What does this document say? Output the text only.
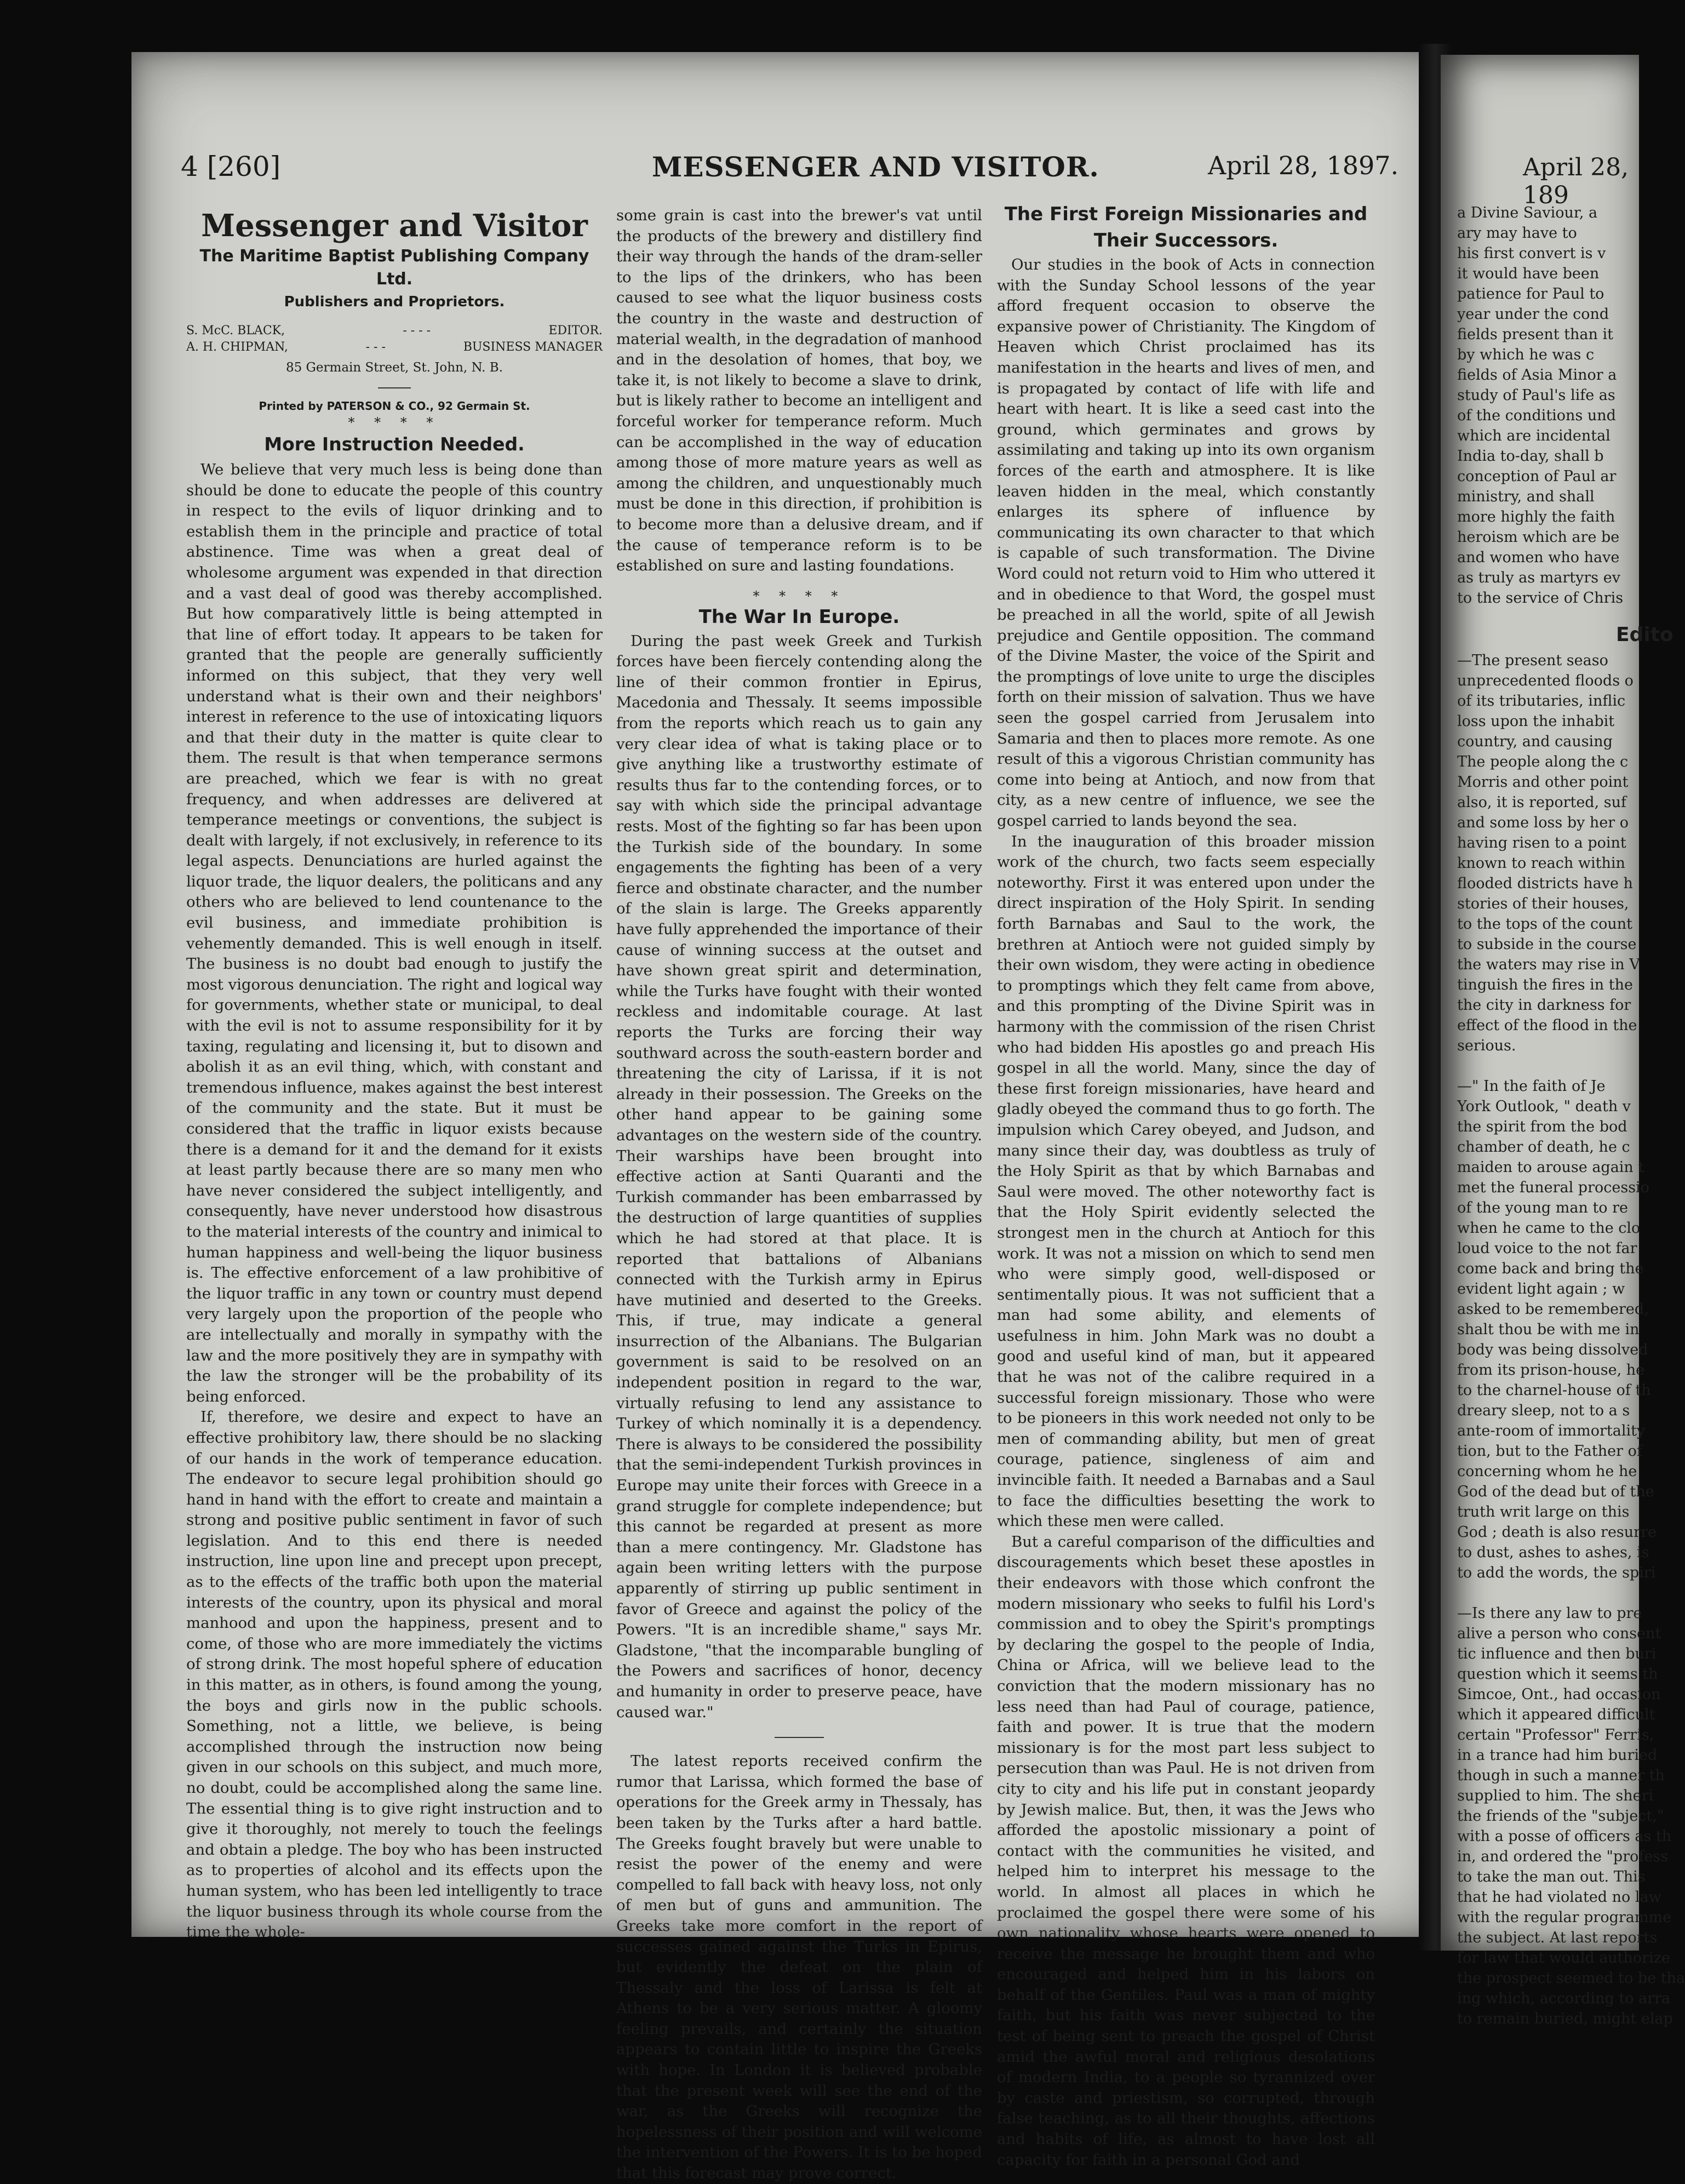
4 [260]	MESSENGER AND VISITOR.	April 28, 1897.
Messenger and Visitor
The Maritime Baptist Publishing Company Ltd.
Publishers and Proprietors.
S. McC. BLACK,	- - - -	EDITOR.
A. H. CHIPMAN,	- - -	BUSINESS MANAGER
85 Germain Street, St. John, N. B.
Printed by PATERSON & CO., 92 Germain St.
* * * *
More Instruction Needed.

We believe that very much less is being done than should be done to educate the people of this country in respect to the evils of liquor drinking and to establish them in the principle and practice of total abstinence. Time was when a great deal of wholesome argument was expended in that direction and a vast deal of good was thereby accomplished. But how comparatively little is being attempted in that line of effort today. It appears to be taken for granted that the people are generally sufficiently informed on this subject, that they very well understand what is their own and their neighbors' interest in reference to the use of intoxicating liquors and that their duty in the matter is quite clear to them. The result is that when temperance sermons are preached, which we fear is with no great frequency, and when addresses are delivered at temperance meetings or conventions, the subject is dealt with largely, if not exclusively, in reference to its legal aspects. Denunciations are hurled against the liquor trade, the liquor dealers, the politicans and any others who are believed to lend countenance to the evil business, and immediate prohibition is vehemently demanded. This is well enough in itself. The business is no doubt bad enough to justify the most vigorous denunciation. The right and logical way for governments, whether state or municipal, to deal with the evil is not to assume responsibility for it by taxing, regulating and licensing it, but to disown and abolish it as an evil thing, which, with constant and tremendous influence, makes against the best interest of the community and the state. But it must be considered that the traffic in liquor exists because there is a demand for it and the demand for it exists at least partly because there are so many men who have never considered the subject intelligently, and consequently, have never understood how disastrous to the material interests of the country and inimical to human happiness and well-being the liquor business is. The effective enforcement of a law prohibitive of the liquor traffic in any town or country must depend very largely upon the proportion of the people who are intellectually and morally in sympathy with the law and the more positively they are in sympathy with the law the stronger will be the probability of its being enforced.

If, therefore, we desire and expect to have an effective prohibitory law, there should be no slacking of our hands in the work of temperance education. The endeavor to secure legal prohibition should go hand in hand with the effort to create and maintain a strong and positive public sentiment in favor of such legislation. And to this end there is needed instruction, line upon line and precept upon precept, as to the effects of the traffic both upon the material interests of the country, upon its physical and moral manhood and upon the happiness, present and to come, of those who are more immediately the victims of strong drink. The most hopeful sphere of education in this matter, as in others, is found among the young, the boys and girls now in the public schools. Something, not a little, we believe, is being accomplished through the instruction now being given in our schools on this subject, and much more, no doubt, could be accomplished along the same line. The essential thing is to give right instruction and to give it thoroughly, not merely to touch the feelings and obtain a pledge. The boy who has been instructed as to properties of alcohol and its effects upon the human system, who has been led intelligently to trace the liquor business through its whole course from the time the whole-

some grain is cast into the brewer's vat until the products of the brewery and distillery find their way through the hands of the dram-seller to the lips of the drinkers, who has been caused to see what the liquor business costs the country in the waste and destruction of material wealth, in the degradation of manhood and in the desolation of homes, that boy, we take it, is not likely to become a slave to drink, but is likely rather to become an intelligent and forceful worker for temperance reform. Much can be accomplished in the way of education among those of more mature years as well as among the children, and unquestionably much must be done in this direction, if prohibition is to become more than a delusive dream, and if the cause of temperance reform is to be established on sure and lasting foundations.

* * * *
The War In Europe.

During the past week Greek and Turkish forces have been fiercely contending along the line of their common frontier in Epirus, Macedonia and Thessaly. It seems impossible from the reports which reach us to gain any very clear idea of what is taking place or to give anything like a trustworthy estimate of results thus far to the contending forces, or to say with which side the principal advantage rests. Most of the fighting so far has been upon the Turkish side of the boundary. In some engagements the fighting has been of a very fierce and obstinate character, and the number of the slain is large. The Greeks apparently have fully apprehended the importance of their cause of winning success at the outset and have shown great spirit and determination, while the Turks have fought with their wonted reckless and indomitable courage. At last reports the Turks are forcing their way southward across the south-eastern border and threatening the city of Larissa, if it is not already in their possession. The Greeks on the other hand appear to be gaining some advantages on the western side of the country. Their warships have been brought into effective action at Santi Quaranti and the Turkish commander has been embarrassed by the destruction of large quantities of supplies which he had stored at that place. It is reported that battalions of Albanians connected with the Turkish army in Epirus have mutinied and deserted to the Greeks. This, if true, may indicate a general insurrection of the Albanians. The Bulgarian government is said to be resolved on an independent position in regard to the war, virtually refusing to lend any assistance to Turkey of which nominally it is a dependency. There is always to be considered the possibility that the semi-independent Turkish provinces in Europe may unite their forces with Greece in a grand struggle for complete independence; but this cannot be regarded at present as more than a mere contingency. Mr. Gladstone has again been writing letters with the purpose apparently of stirring up public sentiment in favor of Greece and against the policy of the Powers. "It is an incredible shame," says Mr. Gladstone, "that the incomparable bungling of the Powers and sacrifices of honor, decency and humanity in order to preserve peace, have caused war."

The latest reports received confirm the rumor that Larissa, which formed the base of operations for the Greek army in Thessaly, has been taken by the Turks after a hard battle. The Greeks fought bravely but were unable to resist the power of the enemy and were compelled to fall back with heavy loss, not only of men but of guns and ammunition. The Greeks take more comfort in the report of successes gained against the Turks in Epirus, but evidently the defeat on the plain of Thessaly and the loss of Larissa is felt at Athens to be a very serious matter. A gloomy feeling prevails, and certainly the situation appears to contain little to inspire the Greeks with hope. In London it is believed probable that the present week will see the end of the war, as the Greeks will recognize the hopelessness of their position and will welcome the intervention of the Powers. It is to be hoped that this forecast may prove correct.

The First Foreign Missionaries and
Their Successors.

Our studies in the book of Acts in connection with the Sunday School lessons of the year afford frequent occasion to observe the expansive power of Christianity. The Kingdom of Heaven which Christ proclaimed has its manifestation in the hearts and lives of men, and is propagated by contact of life with life and heart with heart. It is like a seed cast into the ground, which germinates and grows by assimilating and taking up into its own organism forces of the earth and atmosphere. It is like leaven hidden in the meal, which constantly enlarges its sphere of influence by communicating its own character to that which is capable of such transformation. The Divine Word could not return void to Him who uttered it and in obedience to that Word, the gospel must be preached in all the world, spite of all Jewish prejudice and Gentile opposition. The command of the Divine Master, the voice of the Spirit and the promptings of love unite to urge the disciples forth on their mission of salvation. Thus we have seen the gospel carried from Jerusalem into Samaria and then to places more remote. As one result of this a vigorous Christian community has come into being at Antioch, and now from that city, as a new centre of influence, we see the gospel carried to lands beyond the sea.

In the inauguration of this broader mission work of the church, two facts seem especially noteworthy. First it was entered upon under the direct inspiration of the Holy Spirit. In sending forth Barnabas and Saul to the work, the brethren at Antioch were not guided simply by their own wisdom, they were acting in obedience to promptings which they felt came from above, and this prompting of the Divine Spirit was in harmony with the commission of the risen Christ who had bidden His apostles go and preach His gospel in all the world. Many, since the day of these first foreign missionaries, have heard and gladly obeyed the command thus to go forth. The impulsion which Carey obeyed, and Judson, and many since their day, was doubtless as truly of the Holy Spirit as that by which Barnabas and Saul were moved. The other noteworthy fact is that the Holy Spirit evidently selected the strongest men in the church at Antioch for this work. It was not a mission on which to send men who were simply good, well-disposed or sentimentally pious. It was not sufficient that a man had some ability, and elements of usefulness in him. John Mark was no doubt a good and useful kind of man, but it appeared that he was not of the calibre required in a successful foreign missionary. Those who were to be pioneers in this work needed not only to be men of commanding ability, but men of great courage, patience, singleness of aim and invincible faith. It needed a Barnabas and a Saul to face the difficulties besetting the work to which these men were called.

But a careful comparison of the difficulties and discouragements which beset these apostles in their endeavors with those which confront the modern missionary who seeks to fulfil his Lord's commission and to obey the Spirit's promptings by declaring the gospel to the people of India, China or Africa, will we believe lead to the conviction that the modern missionary has no less need than had Paul of courage, patience, faith and power. It is true that the modern missionary is for the most part less subject to persecution than was Paul. He is not driven from city to city and his life put in constant jeopardy by Jewish malice. But, then, it was the Jews who afforded the apostolic missionary a point of contact with the communities he visited, and helped him to interpret his message to the world. In almost all places in which he proclaimed the gospel there were some of his own nationality whose hearts were opened to receive the message he brought them and who encouraged and helped him in his labors on behalf of the Gentiles. Paul was a man of mighty faith, but his faith was never subjected to the test of being sent to preach the gospel of Christ amid the awful moral and religious desolations of modern India, to a people so tyrannized over by caste and priestism, so corrupted, through false teaching, as to all their thoughts, affections and habits of life, as almost to have lost all capacity for faith in a personal God and

April 28, 189

a Divine Saviour, a

ary may have to

his first convert is v

it would have been

patience for Paul to

year under the cond

fields present than it

by which he was c

fields of Asia Minor a

study of Paul's life as

of the conditions und

which are incidental

India to-day, shall b

conception of Paul ar

ministry, and shall

more highly the faith

heroism which are be

and women who have

as truly as martyrs ev

to the service of Chris

Edito

—The present seaso

unprecedented floods o

of its tributaries, inflic

loss upon the inhabit

country, and causing

The people along the c

Morris and other point

also, it is reported, suf

and some loss by her o

having risen to a point

known to reach within

flooded districts have h

stories of their houses,

to the tops of the count

to subside in the course

the waters may rise in V

tinguish the fires in the

the city in darkness for

effect of the flood in the

serious.

—" In the faith of Je

York Outlook, " death v

the spirit from the bod

chamber of death, he c

maiden to arouse again t

met the funeral processio

of the young man to re

when he came to the clo

loud voice to the not far

come back and bring the

evident light again ; w

asked to be remembered,

shalt thou be with me in

body was being dissolved

from its prison-house, he

to the charnel-house of th

dreary sleep, not to a s

ante-room of immortality

tion, but to the Father of

concerning whom he he

God of the dead but of the

truth writ large on this

God ; death is also resurre

to dust, ashes to ashes, is

to add the words, the spiri

—Is there any law to pre

alive a person who consent

tic influence and then buri

question which it seems th

Simcoe, Ont., had occasion

which it appeared difficult

certain "Professor" Ferris,

in a trance had him buried

though in such a manner th

supplied to him. The sheri

the friends of the "subject,"

with a posse of officers as th

in, and ordered the "profess

to take the man out. This

that he had violated no law

with the regular programme

the subject. At last reports

for law that would authorize

the prospect seemed to be tha

ing which, according to arra

to remain buried, might elap
